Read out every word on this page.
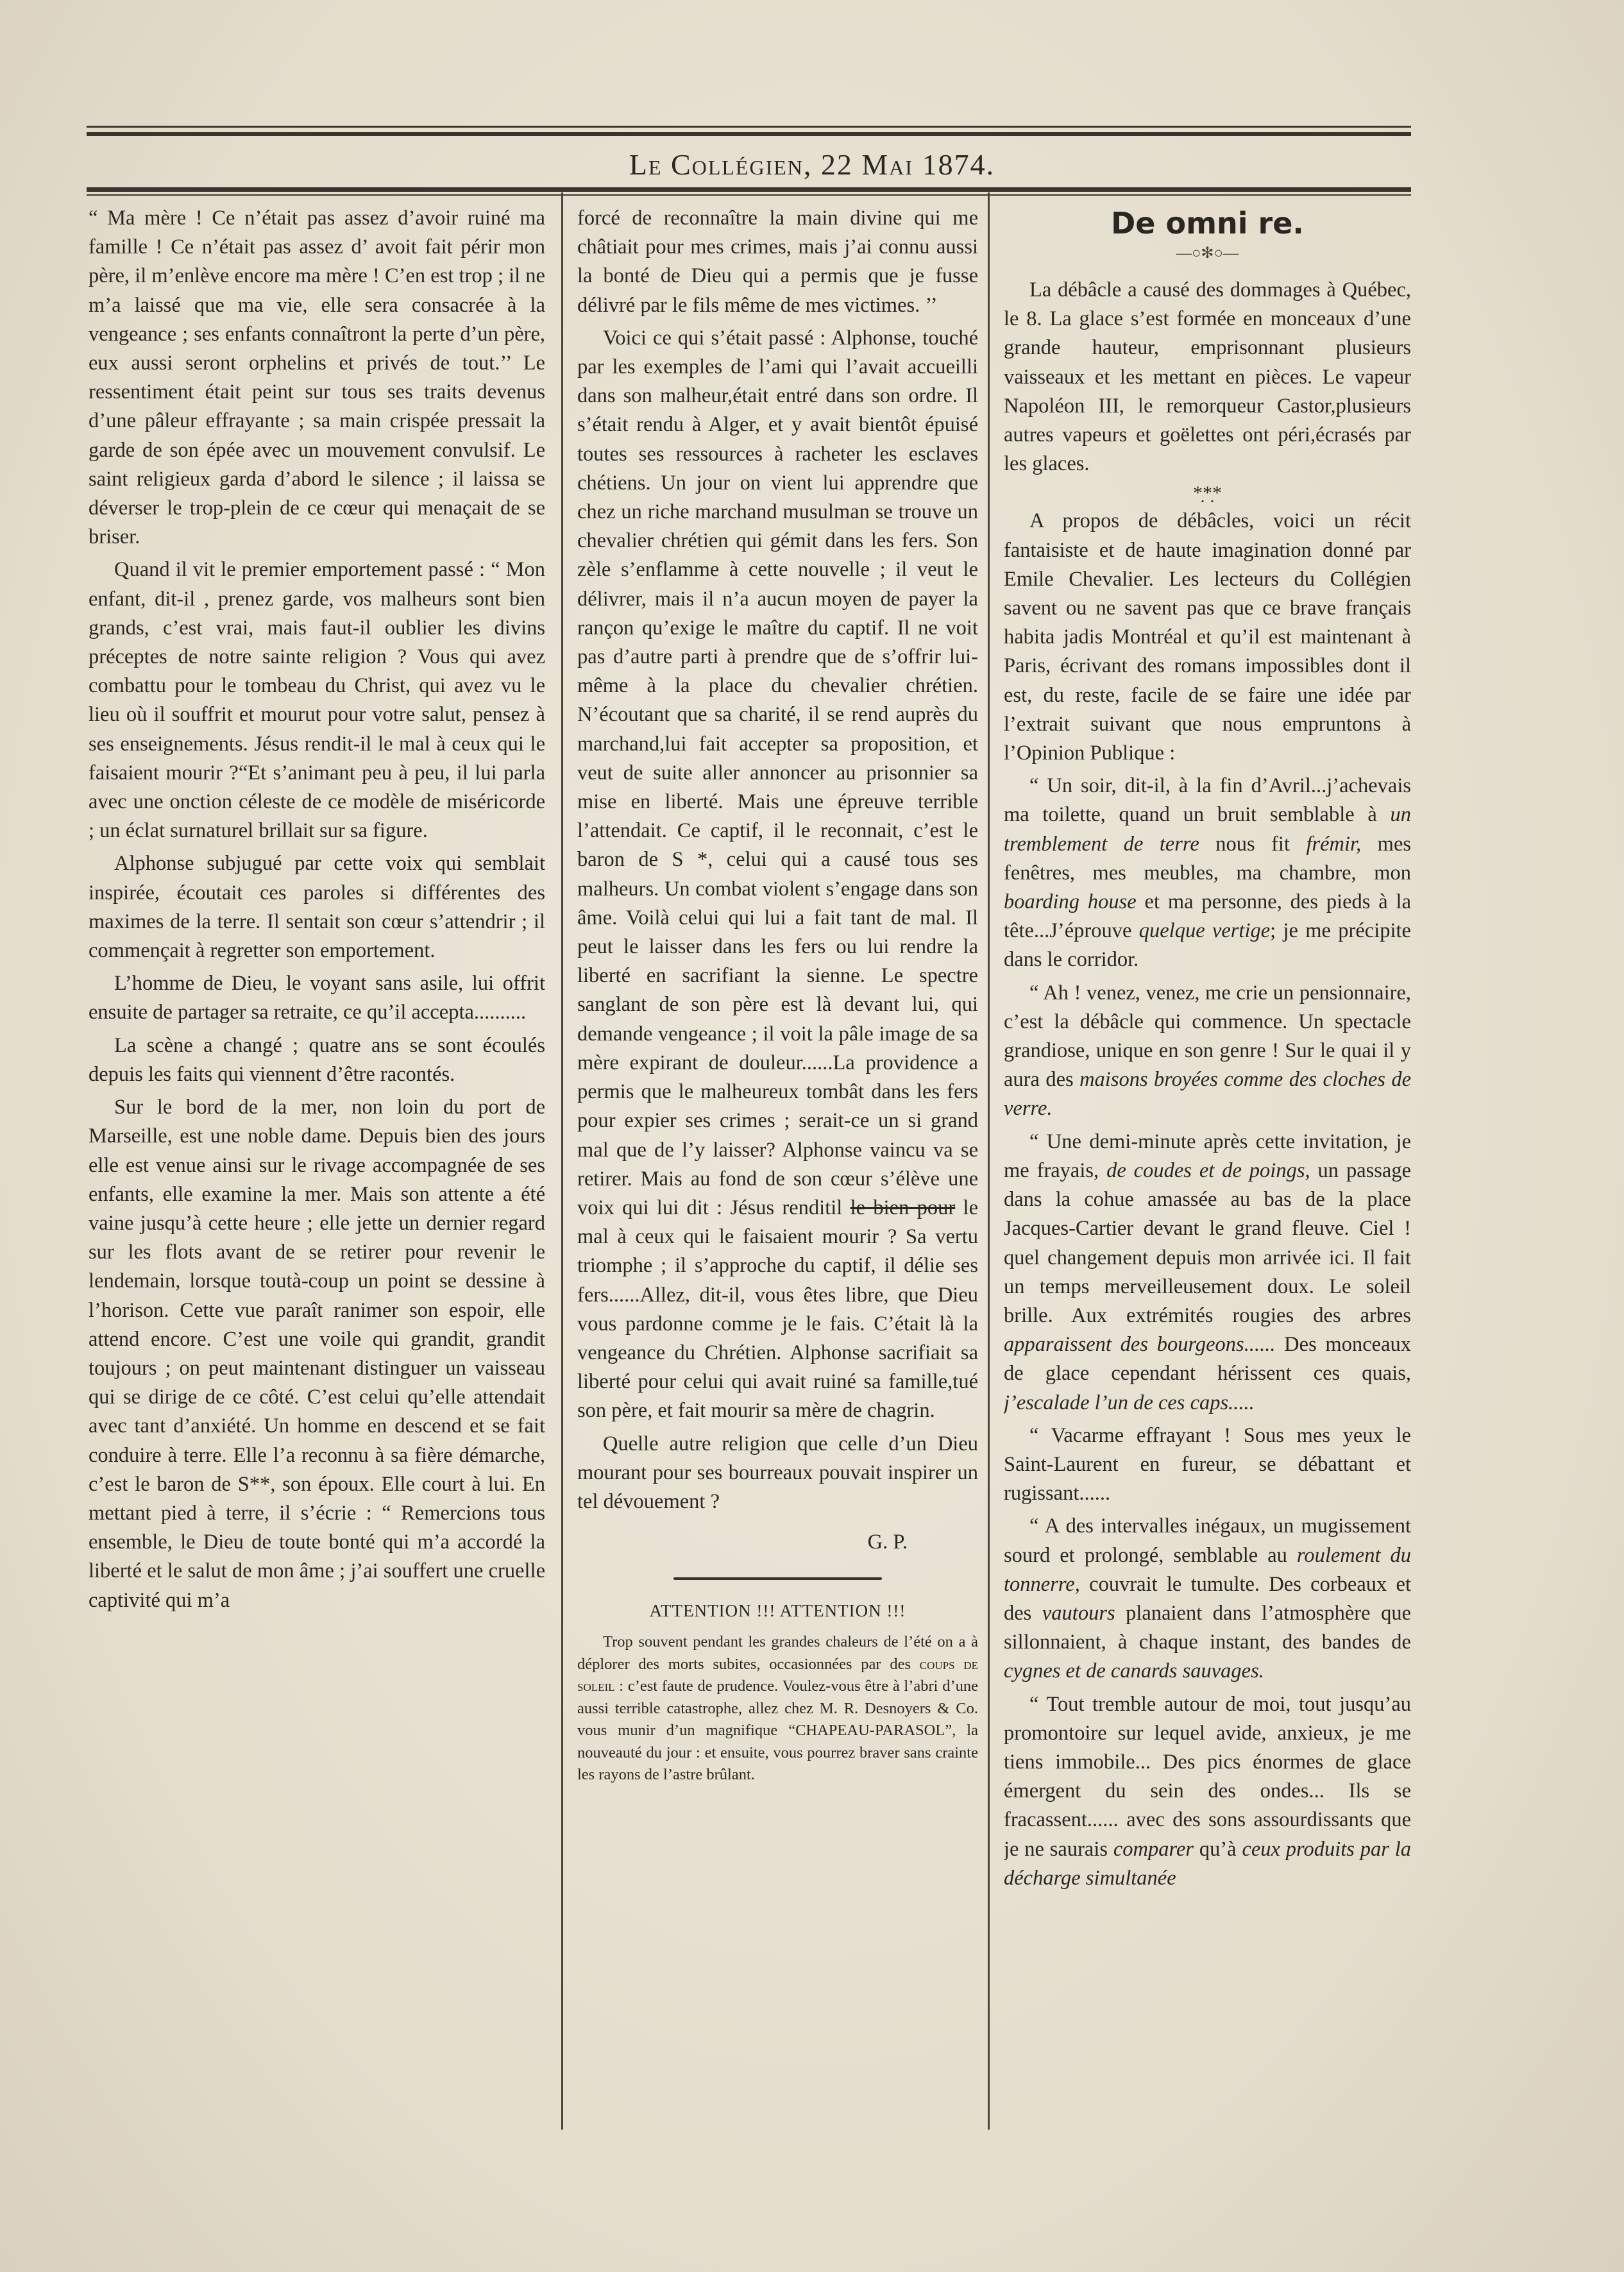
Le Collégien, 22 Mai 1874.

“ Ma mère ! Ce n’était pas assez d’avoir ruiné ma famille ! Ce n’était pas assez d’ avoit fait périr mon père, il m’enlève encore ma mère ! C’en est trop ; il ne m’a laissé que ma vie, elle sera consacrée à la vengeance ; ses enfants connaîtront la perte d’un père, eux aussi seront orphelins et privés de tout.’’ Le ressentiment était peint sur tous ses traits devenus d’une pâleur effrayante ; sa main crispée pressait la garde de son épée avec un mouvement convulsif. Le saint religieux garda d’abord le silence ; il laissa se déverser le trop-plein de ce cœur qui menaçait de se briser.

Quand il vit le premier emportement passé : “ Mon enfant, dit-il , prenez garde, vos malheurs sont bien grands, c’est vrai, mais faut-il oublier les divins préceptes de notre sainte religion ? Vous qui avez combattu pour le tombeau du Christ, qui avez vu le lieu où il souffrit et mourut pour votre salut, pensez à ses enseignements. Jésus rendit-il le mal à ceux qui le faisaient mourir ?“Et s’animant peu à peu, il lui parla avec une onction céleste de ce modèle de miséricorde ; un éclat surnaturel brillait sur sa figure.

Alphonse subjugué par cette voix qui semblait inspirée, écoutait ces paroles si différentes des maximes de la terre. Il sentait son cœur s’attendrir ; il commençait à regretter son emportement.

L’homme de Dieu, le voyant sans asile, lui offrit ensuite de partager sa retraite, ce qu’il accepta..........

La scène a changé ; quatre ans se sont écoulés depuis les faits qui viennent d’être racontés.

Sur le bord de la mer, non loin du port de Marseille, est une noble dame. Depuis bien des jours elle est venue ainsi sur le rivage accompagnée de ses enfants, elle examine la mer. Mais son attente a été vaine jusqu’à cette heure ; elle jette un dernier regard sur les flots avant de se retirer pour revenir le lendemain, lorsque toutà-coup un point se dessine à l’horison. Cette vue paraît ranimer son espoir, elle attend encore. C’est une voile qui grandit, grandit toujours ; on peut maintenant distinguer un vaisseau qui se dirige de ce côté. C’est celui qu’elle attendait avec tant d’anxiété. Un homme en descend et se fait conduire à terre. Elle l’a reconnu à sa fière démarche, c’est le baron de S**, son époux. Elle court à lui. En mettant pied à terre, il s’écrie : “ Remercions tous ensemble, le Dieu de toute bonté qui m’a accordé la liberté et le salut de mon âme ; j’ai souffert une cruelle captivité qui m’a

forcé de reconnaître la main divine qui me châtiait pour mes crimes, mais j’ai connu aussi la bonté de Dieu qui a permis que je fusse délivré par le fils même de mes victimes. ’’

Voici ce qui s’était passé : Alphonse, touché par les exemples de l’ami qui l’avait accueilli dans son malheur,était entré dans son ordre. Il s’était rendu à Alger, et y avait bientôt épuisé toutes ses ressources à racheter les esclaves chétiens. Un jour on vient lui apprendre que chez un riche marchand musulman se trouve un chevalier chrétien qui gémit dans les fers. Son zèle s’enflamme à cette nouvelle ; il veut le délivrer, mais il n’a aucun moyen de payer la rançon qu’exige le maître du captif. Il ne voit pas d’autre parti à prendre que de s’offrir lui-même à la place du chevalier chrétien. N’écoutant que sa charité, il se rend auprès du marchand,lui fait accepter sa proposition, et veut de suite aller annoncer au prisonnier sa mise en liberté. Mais une épreuve terrible l’attendait. Ce captif, il le reconnait, c’est le baron de S *, celui qui a causé tous ses malheurs. Un combat violent s’engage dans son âme. Voilà celui qui lui a fait tant de mal. Il peut le laisser dans les fers ou lui rendre la liberté en sacrifiant la sienne. Le spectre sanglant de son père est là devant lui, qui demande vengeance ; il voit la pâle image de sa mère expirant de douleur......La providence a permis que le malheureux tombât dans les fers pour expier ses crimes ; serait-ce un si grand mal que de l’y laisser? Alphonse vaincu va se retirer. Mais au fond de son cœur s’élève une voix qui lui dit : Jésus renditil le bien pour le mal à ceux qui le faisaient mourir ? Sa vertu triomphe ; il s’approche du captif, il délie ses fers......Allez, dit-il, vous êtes libre, que Dieu vous pardonne comme je le fais. C’était là la vengeance du Chrétien. Alphonse sacrifiait sa liberté pour celui qui avait ruiné sa famille,tué son père, et fait mourir sa mère de chagrin.

Quelle autre religion que celle d’un Dieu mourant pour ses bourreaux pouvait inspirer un tel dévouement ?

G. P.

ATTENTION !!! ATTENTION !!!

Trop souvent pendant les grandes chaleurs de l’été on a à déplorer des morts subites, occasionnées par des coups de soleil : c’est faute de prudence. Voulez-vous être à l’abri d’une aussi terrible catastrophe, allez chez M. R. Desnoyers & Co. vous munir d’un magnifique “CHAPEAU-PARASOL”, la nouveauté du jour : et ensuite, vous pourrez braver sans crainte les rayons de l’astre brûlant.

De omni re.
—○✻○—

La débâcle a causé des dommages à Québec, le 8. La glace s’est formée en monceaux d’une grande hauteur, emprisonnant plusieurs vaisseaux et les mettant en pièces. Le vapeur Napoléon III, le remorqueur Castor,plusieurs autres vapeurs et goëlettes ont péri,écrasés par les glaces.

*̣*̣*

A propos de débâcles, voici un récit fantaisiste et de haute imagination donné par Emile Chevalier. Les lecteurs du Collégien savent ou ne savent pas que ce brave français habita jadis Montréal et qu’il est maintenant à Paris, écrivant des romans impossibles dont il est, du reste, facile de se faire une idée par l’extrait suivant que nous empruntons à l’Opinion Publique :

“ Un soir, dit-il, à la fin d’Avril...j’achevais ma toilette, quand un bruit semblable à un tremblement de terre nous fit frémir, mes fenêtres, mes meubles, ma chambre, mon boarding house et ma personne, des pieds à la tête...J’éprouve quelque vertige; je me précipite dans le corridor.

“ Ah ! venez, venez, me crie un pensionnaire, c’est la débâcle qui commence. Un spectacle grandiose, unique en son genre ! Sur le quai il y aura des maisons broyées comme des cloches de verre.

“ Une demi-minute après cette invitation, je me frayais, de coudes et de poings, un passage dans la cohue amassée au bas de la place Jacques-Cartier devant le grand fleuve. Ciel ! quel changement depuis mon arrivée ici. Il fait un temps merveilleusement doux. Le soleil brille. Aux extrémités rougies des arbres apparaissent des bourgeons...... Des monceaux de glace cependant hérissent ces quais, j’escalade l’un de ces caps.....

“ Vacarme effrayant ! Sous mes yeux le Saint-Laurent en fureur, se débattant et rugissant......

“ A des intervalles inégaux, un mugissement sourd et prolongé, semblable au roulement du tonnerre, couvrait le tumulte. Des corbeaux et des vautours planaient dans l’atmosphère que sillonnaient, à chaque instant, des bandes de cygnes et de canards sauvages.

“ Tout tremble autour de moi, tout jusqu’au promontoire sur lequel avide, anxieux, je me tiens immobile... Des pics énormes de glace émergent du sein des ondes... Ils se fracassent...... avec des sons assourdissants que je ne saurais comparer qu’à ceux produits par la décharge simultanée
